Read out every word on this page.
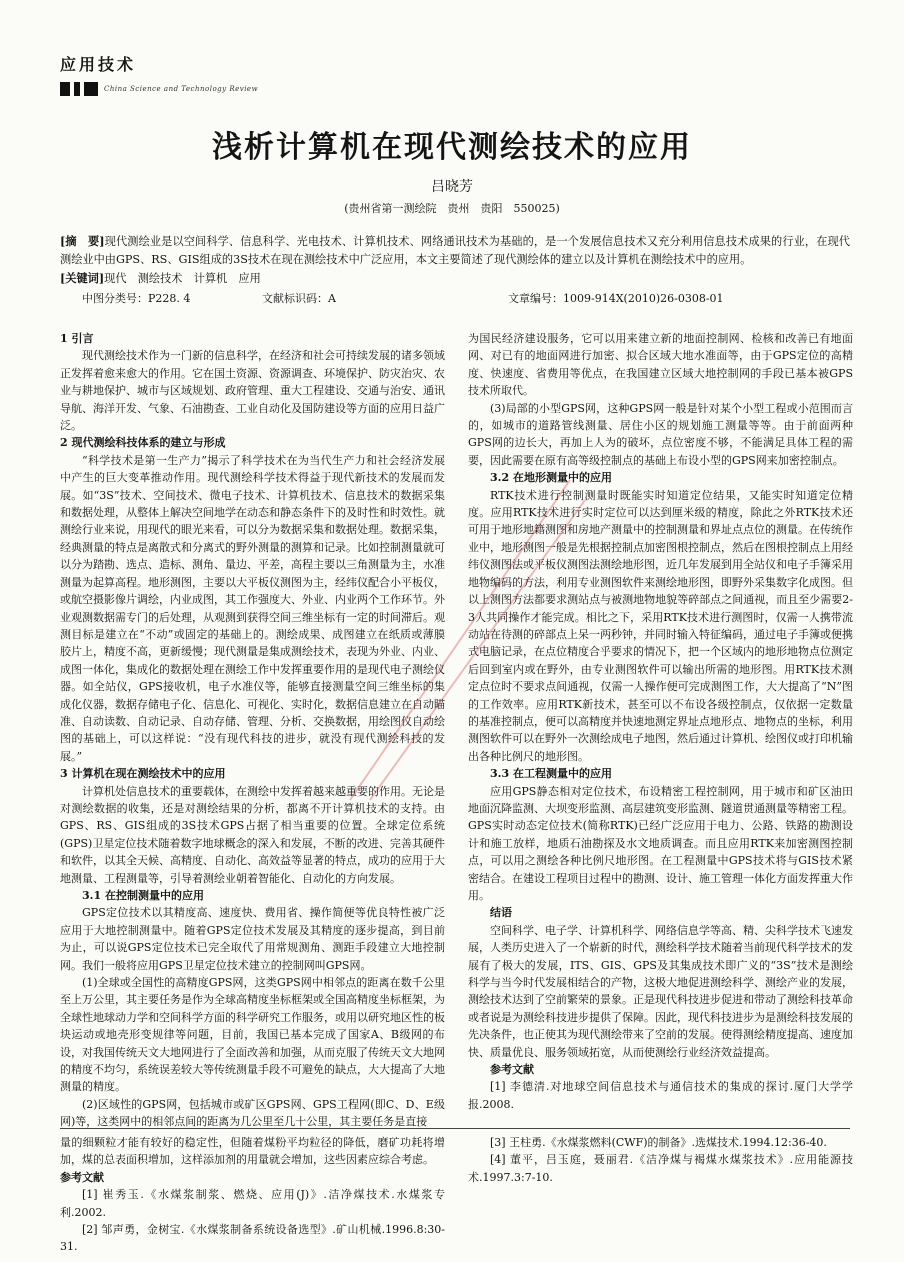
应用技术
China Science and Technology Review
浅析计算机在现代测绘技术的应用
吕晓芳
(贵州省第一测绘院　贵州　贵阳　550025)
[摘　要]现代测绘业是以空间科学、信息科学、光电技术、计算机技术、网络通讯技术为基础的，是一个发展信息技术又充分利用信息技术成果的行业，在现代测绘业中由GPS、RS、GIS组成的3S技术在现在测绘技术中广泛应用，本文主要简述了现代测绘体的建立以及计算机在测绘技术中的应用。
[关键词]现代　测绘技术　计算机　应用
中图分类号：P228. 4	文献标识码：A	文章编号：1009-914X(2010)26-0308-01
1 引言

现代测绘技术作为一门新的信息科学，在经济和社会可持续发展的诸多领域正发挥着愈来愈大的作用。它在国土资源、资源调查、环境保护、防灾治灾、农业与耕地保护、城市与区域规划、政府管理、重大工程建设、交通与治安、通讯导航、海洋开发、气象、石油勘查、工业自动化及国防建设等方面的应用日益广泛。

2 现代测绘科技体系的建立与形成

“科学技术是第一生产力”揭示了科学技术在为当代生产力和社会经济发展中产生的巨大变革推动作用。现代测绘科学技术得益于现代新技术的发展而发展。如“3S”技术、空间技术、微电子技术、计算机技术、信息技术的数据采集和数据处理，从整体上解决空间地学在动态和静态条件下的及时性和时效性。就测绘行业来说，用现代的眼光来看，可以分为数据采集和数据处理。数据采集，经典测量的特点是离散式和分离式的野外测量的测算和记录。比如控制测量就可以分为踏勘、选点、造标、测角、量边、平差，高程主要以三角测量为主，水准测量为起算高程。地形测图，主要以大平板仪测图为主，经纬仪配合小平板仪，或航空摄影像片调绘，内业成图，其工作强度大、外业、内业两个工作环节。外业观测数据需专门的后处理，从观测到获得空间三维坐标有一定的时间滞后。观测目标是建立在“不动”或固定的基础上的。测绘成果、成图建立在纸质或薄膜胶片上，精度不高，更新缓慢；现代测量是集成测绘技术，表现为外业、内业、成图一体化，集成化的数据处理在测绘工作中发挥重要作用的是现代电子测绘仪器。如全站仪，GPS接收机，电子水准仪等，能够直接测量空间三维坐标的集成化仪器，数据存储电子化、信息化、可视化、实时化，数据信息建立在自动瞄准、自动读数、自动记录、自动存储、管理、分析、交换数据，用绘图仪自动绘图的基础上，可以这样说：“没有现代科技的进步，就没有现代测绘科技的发展。”

3 计算机在现在测绘技术中的应用

计算机处信息技术的重要载体，在测绘中发挥着越来越重要的作用。无论是对测绘数据的收集，还是对测绘结果的分析，都离不开计算机技术的支持。由GPS、RS、GIS组成的3S技术GPS占据了相当重要的位置。全球定位系统(GPS)卫星定位技术随着数字地球概念的深入和发展，不断的改进、完善其硬件和软件，以其全天候、高精度、自动化、高效益等显著的特点，成功的应用于大地测量、工程测量等，引导着测绘业朝着智能化、自动化的方向发展。

3.1 在控制测量中的应用

GPS定位技术以其精度高、速度快、费用省、操作简便等优良特性被广泛应用于大地控制测量中。随着GPS定位技术发展及其精度的逐步提高，到目前为止，可以说GPS定位技术已完全取代了用常规测角、测距手段建立大地控制网。我们一般将应用GPS卫星定位技术建立的控制网叫GPS网。

(1)全球或全国性的高精度GPS网，这类GPS网中相邻点的距离在数千公里至上万公里，其主要任务是作为全球高精度坐标框架或全国高精度坐标框架，为全球性地球动力学和空间科学方面的科学研究工作服务，或用以研究地区性的板块运动或地壳形变规律等问题，目前，我国已基本完成了国家A、B级网的布设，对我国传统天文大地网进行了全面改善和加强，从而克服了传统天文大地网的精度不均匀，系统误差较大等传统测量手段不可避免的缺点，大大提高了大地测量的精度。

(2)区域性的GPS网，包括城市或矿区GPS网、GPS工程网(即C、D、E级网)等，这类网中的相邻点间的距离为几公里至几十公里，其主要任务是直接

为国民经济建设服务，它可以用来建立新的地面控制网、检核和改善已有地面网、对已有的地面网进行加密、拟合区域大地水准面等，由于GPS定位的高精度、快速度、省费用等优点，在我国建立区域大地控制网的手段已基本被GPS技术所取代。

(3)局部的小型GPS网，这种GPS网一般是针对某个小型工程或小范围而言的，如城市的道路管线测量、居住小区的规划施工测量等等。由于前面两种GPS网的边长大，再加上人为的破坏，点位密度不够，不能满足具体工程的需要，因此需要在原有高等级控制点的基础上布设小型的GPS网来加密控制点。

3.2 在地形测量中的应用

RTK技术进行控制测量时既能实时知道定位结果，又能实时知道定位精度。应用RTK技术进行实时定位可以达到厘米级的精度，除此之外RTK技术还可用于地形地籍测图和房地产测量中的控制测量和界址点点位的测量。在传统作业中，地形测图一般是先根据控制点加密图根控制点，然后在图根控制点上用经纬仪测图法或平板仪测图法测绘地形图，近几年发展到用全站仪和电子手簿采用地物编码的方法，利用专业测图软件来测绘地形图，即野外采集数字化成图。但以上测图方法都要求测站点与被测地物地貌等碎部点之间通视，而且至少需要2-3人共同操作才能完成。相比之下，采用RTK技术进行测图时，仅需一人携带流动站在待测的碎部点上呆一两秒钟，并同时输入特征编码，通过电子手簿或便携式电脑记录，在点位精度合乎要求的情况下，把一个区域内的地形地物点位测定后回到室内或在野外，由专业测图软件可以输出所需的地形图。用RTK技术测定点位时不要求点间通视，仅需一人操作便可完成测图工作，大大提高了“N”图的工作效率。应用RTK新技术，甚至可以不布设各级控制点，仅依据一定数量的基准控制点，便可以高精度并快速地测定界址点地形点、地物点的坐标，利用测图软件可以在野外一次测绘成电子地图，然后通过计算机、绘图仪或打印机输出各种比例尺的地形图。

3.3 在工程测量中的应用

应用GPS静态相对定位技术，布设精密工程控制网，用于城市和矿区油田地面沉降监测、大坝变形监测、高层建筑变形监测、隧道贯通测量等精密工程。GPS实时动态定位技术(简称RTK)已经广泛应用于电力、公路、铁路的勘测设计和施工放样，地质石油勘探及水文地质调查。而且应用RTK来加密测图控制点，可以用之测绘各种比例尺地形图。在工程测量中GPS技术将与GIS技术紧密结合。在建设工程项目过程中的勘测、设计、施工管理一体化方面发挥重大作用。

结语

空间科学、电子学、计算机科学、网络信息学等高、精、尖科学技术飞速发展，人类历史进入了一个崭新的时代，测绘科学技术随着当前现代科学技术的发展有了极大的发展，ITS、GIS、GPS及其集成技术即广义的“3S”技术是测绘科学与当今时代发展相结合的产物，这极大地促进测绘科学、测绘产业的发展，测绘技术达到了空前繁荣的景象。正是现代科技进步促进和带动了测绘科技革命或者说是为测绘科技进步提供了保障。因此，现代科技进步为是测绘科技发展的先决条件，也正使其为现代测绘带来了空前的发展。使得测绘精度提高、速度加快、质量优良、服务领域拓宽，从而使测绘行业经济效益提高。

参考文献

[1] 李德清.对地球空间信息技术与通信技术的集成的探讨.厦门大学学报.2008.

量的细颗粒才能有较好的稳定性，但随着煤粉平均粒径的降低，磨矿功耗将增加，煤的总表面积增加，这样添加剂的用量就会增加，这些因素应综合考虑。

参考文献

[1] 崔秀玉.《水煤浆制浆、燃烧、应用(J)》.洁净煤技术.水煤浆专利.2002.

[2] 邹声勇，金树宝.《水煤浆制备系统设备选型》.矿山机械.1996.8:30-31.

[3] 王柱勇.《水煤浆燃料(CWF)的制备》.选煤技术.1994.12:36-40.

[4] 董平，吕玉庭，聂丽君.《洁净煤与褐煤水煤浆技术》.应用能源技术.1997.3:7-10.
